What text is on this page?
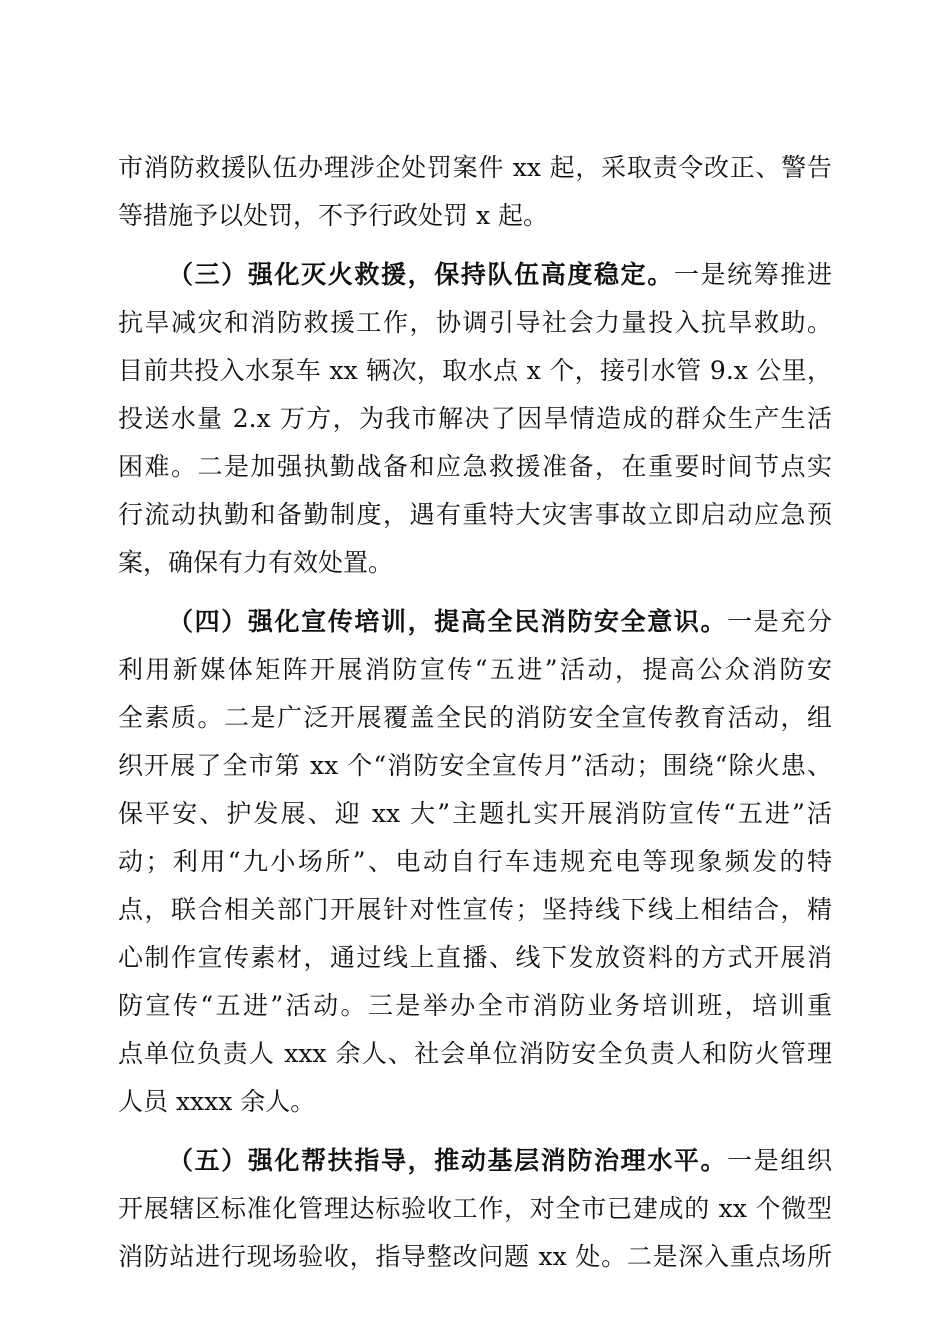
市消防救援队伍办理涉企处罚案件 xx 起，采取责令改正、警告
等措施予以处罚，不予行政处罚 x 起。
（三）强化灭火救援，保持队伍高度稳定。一是统筹推进
抗旱减灾和消防救援工作，协调引导社会力量投入抗旱救助。
目前共投入水泵车 xx 辆次，取水点 x 个，接引水管 9.x 公里，
投送水量 2.x 万方，为我市解决了因旱情造成的群众生产生活
困难。二是加强执勤战备和应急救援准备，在重要时间节点实
行流动执勤和备勤制度，遇有重特大灾害事故立即启动应急预
案，确保有力有效处置。
（四）强化宣传培训，提高全民消防安全意识。一是充分
利用新媒体矩阵开展消防宣传“五进”活动，提高公众消防安
全素质。二是广泛开展覆盖全民的消防安全宣传教育活动，组
织开展了全市第 xx 个“消防安全宣传月”活动；围绕“除火患、
保平安、护发展、迎 xx 大”主题扎实开展消防宣传“五进”活
动；利用“九小场所”、电动自行车违规充电等现象频发的特
点，联合相关部门开展针对性宣传；坚持线下线上相结合，精
心制作宣传素材，通过线上直播、线下发放资料的方式开展消
防宣传“五进”活动。三是举办全市消防业务培训班，培训重
点单位负责人 xxx 余人、社会单位消防安全负责人和防火管理
人员 xxxx 余人。
（五）强化帮扶指导，推动基层消防治理水平。一是组织
开展辖区标准化管理达标验收工作，对全市已建成的 xx 个微型
消防站进行现场验收，指导整改问题 xx 处。二是深入重点场所
